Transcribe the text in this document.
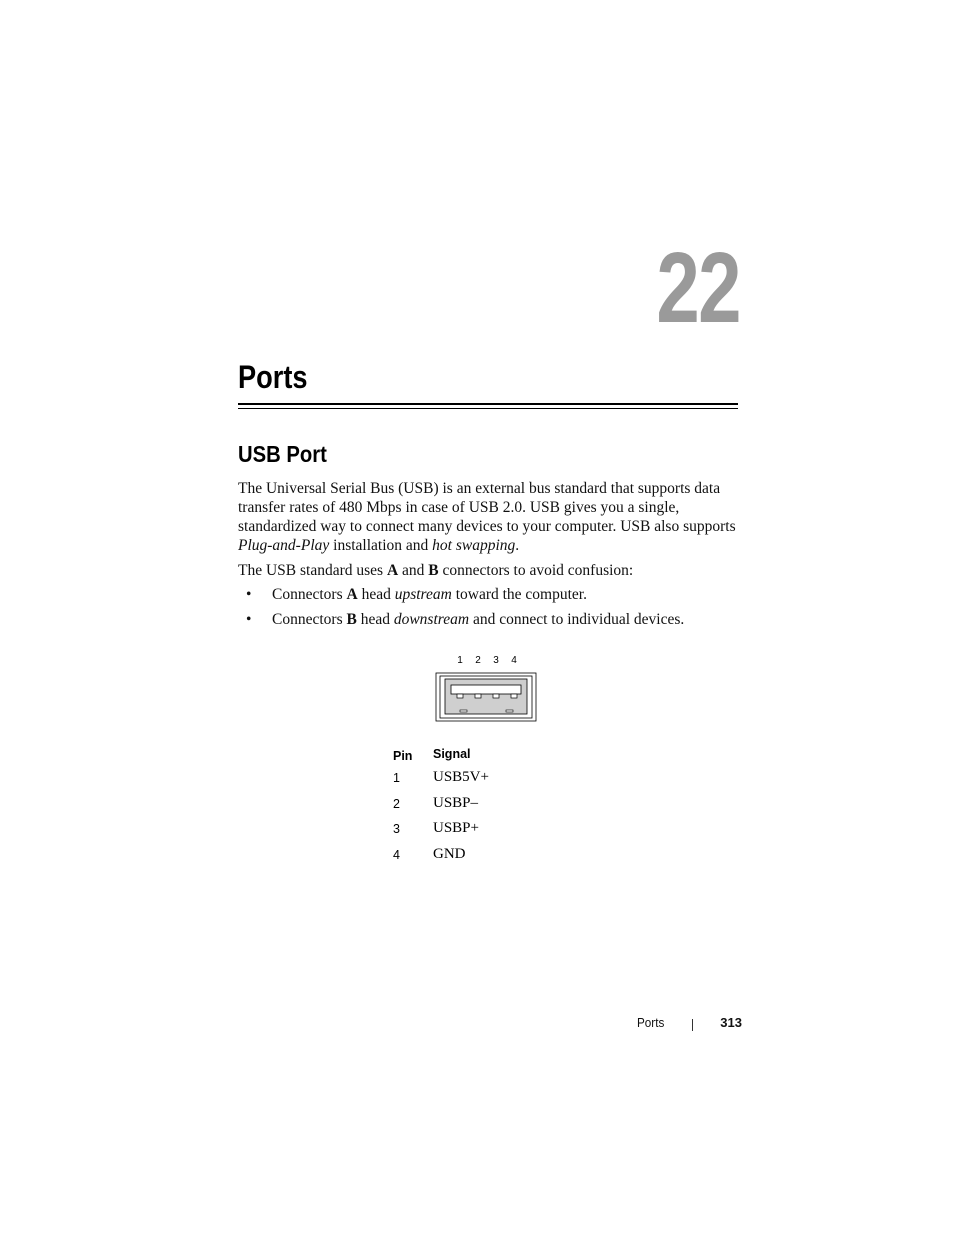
22
Ports
USB Port

The Universal Serial Bus (USB) is an external bus standard that supports data transfer rates of 480 Mbps in case of USB 2.0. USB gives you a single, standardized way to connect many devices to your computer. USB also supports Plug-and-Play installation and hot swapping.

The USB standard uses A and B connectors to avoid confusion:

• Connectors A head upstream toward the computer.
• Connectors B head downstream and connect to individual devices.
1 2 3 4
Pin	Signal
1	USB5V+
2	USBP–
3	USBP+
4	GND
Ports	313
